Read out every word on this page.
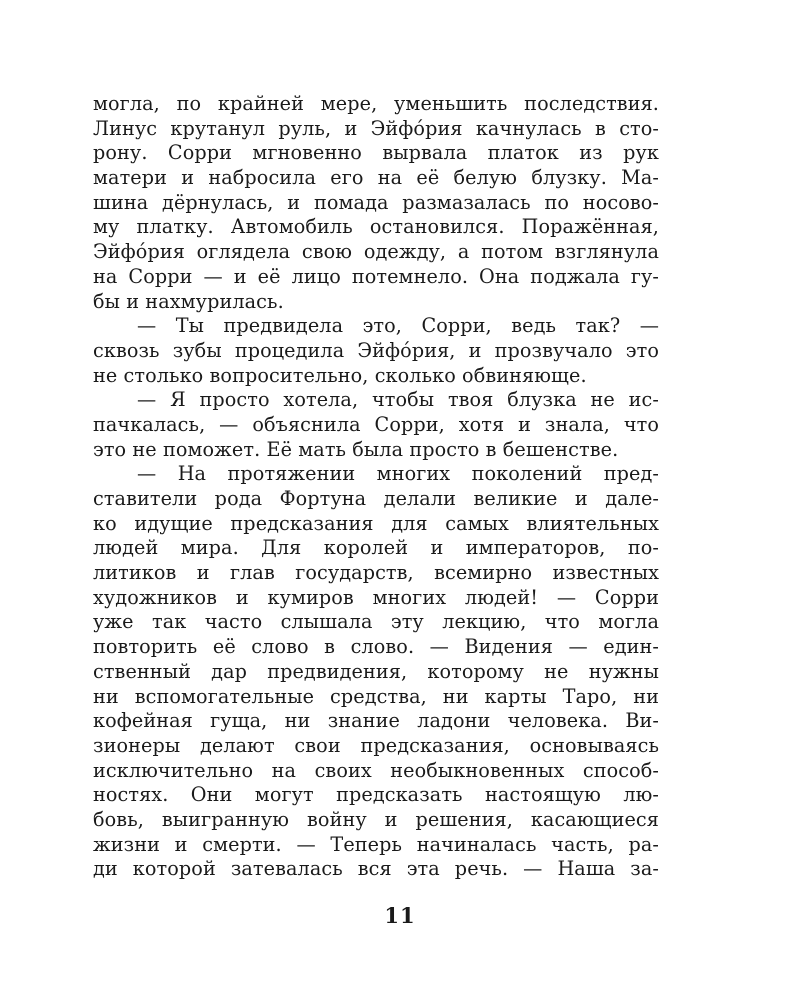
могла, по крайней мере, уменьшить последствия.
Линус крутанул руль, и Эйфóрия качнулась в сто-
рону. Сорри мгновенно вырвала платок из рук
матери и набросила его на её белую блузку. Ма-
шина дёрнулась, и помада размазалась по носово-
му платку. Автомобиль остановился. Поражённая,
Эйфóрия оглядела свою одежду, а потом взглянула
на Сорри — и её лицо потемнело. Она поджала гу-
бы и нахмурилась.
— Ты предвидела это, Сорри, ведь так? —
сквозь зубы процедила Эйфóрия, и прозвучало это
не столько вопросительно, сколько обвиняюще.
— Я просто хотела, чтобы твоя блузка не ис-
пачкалась, — объяснила Сорри, хотя и знала, что
это не поможет. Её мать была просто в бешенстве.
— На протяжении многих поколений пред-
ставители рода Фортуна делали великие и дале-
ко идущие предсказания для самых влиятельных
людей мира. Для королей и императоров, по-
литиков и глав государств, всемирно известных
художников и кумиров многих людей! — Сорри
уже так часто слышала эту лекцию, что могла
повторить её слово в слово. — Видения — един-
ственный дар предвидения, которому не нужны
ни вспомогательные средства, ни карты Таро, ни
кофейная гуща, ни знание ладони человека. Ви-
зионеры делают свои предсказания, основываясь
исключительно на своих необыкновенных способ-
ностях. Они могут предсказать настоящую лю-
бовь, выигранную войну и решения, касающиеся
жизни и смерти. — Теперь начиналась часть, ра-
ди которой затевалась вся эта речь. — Наша за-
11
